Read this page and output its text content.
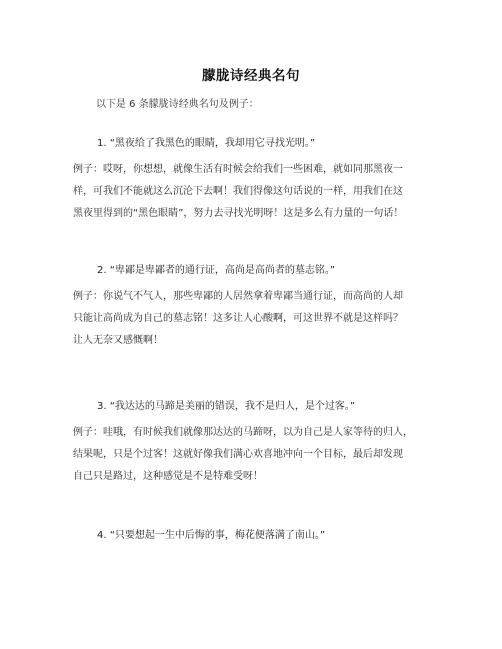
朦胧诗经典名句
以下是 6 条朦胧诗经典名句及例子：
1. “黑夜给了我黑色的眼睛，我却用它寻找光明。”
例子：哎呀，你想想，就像生活有时候会给我们一些困难，就如同那黑夜一
样，可我们不能就这么沉沦下去啊！我们得像这句话说的一样，用我们在这
黑夜里得到的“黑色眼睛”，努力去寻找光明呀！这是多么有力量的一句话！
2. “卑鄙是卑鄙者的通行证，高尚是高尚者的墓志铭。”
例子：你说气不气人，那些卑鄙的人居然拿着卑鄙当通行证，而高尚的人却
只能让高尚成为自己的墓志铭！这多让人心酸啊，可这世界不就是这样吗？
让人无奈又感慨啊！
3. “我达达的马蹄是美丽的错误，我不是归人，是个过客。”
例子：哇哦，有时候我们就像那达达的马蹄呀，以为自己是人家等待的归人，
结果呢，只是个过客！这就好像我们满心欢喜地冲向一个目标，最后却发现
自己只是路过，这种感觉是不是特难受呀！
4. “只要想起一生中后悔的事，梅花便落满了南山。”
